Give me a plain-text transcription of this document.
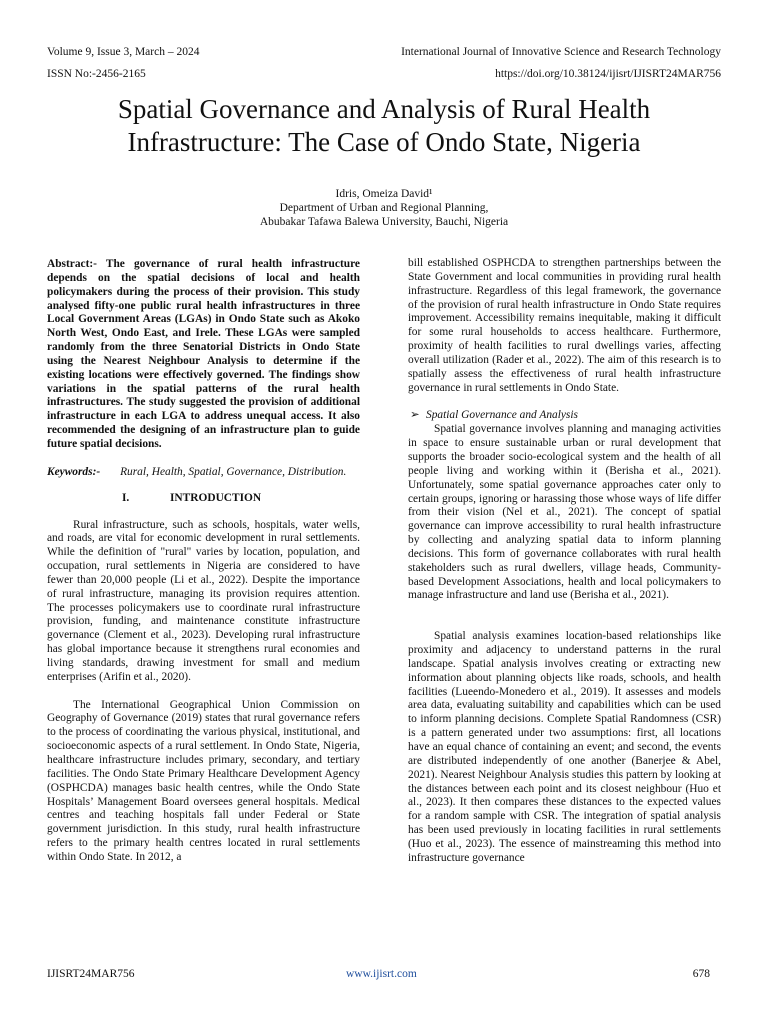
Volume 9, Issue 3, March – 2024	International Journal of Innovative Science and Research Technology
ISSN No:-2456-2165	https://doi.org/10.38124/ijisrt/IJISRT24MAR756
Spatial Governance and Analysis of Rural Health
Infrastructure: The Case of Ondo State, Nigeria
Idris, Omeiza David¹
Department of Urban and Regional Planning,
Abubakar Tafawa Balewa University, Bauchi, Nigeria

Abstract:- The governance of rural health infrastructure depends on the spatial decisions of local and health policymakers during the process of their provision. This study analysed fifty-one public rural health infrastructures in three Local Government Areas (LGAs) in Ondo State such as Akoko North West, Ondo East, and Irele. These LGAs were sampled randomly from the three Senatorial Districts in Ondo State using the Nearest Neighbour Analysis to determine if the existing locations were effectively governed. The findings show variations in the spatial patterns of the rural health infrastructures. The study suggested the provision of additional infrastructure in each LGA to address unequal access. It also recommended the designing of an infrastructure plan to guide future spatial decisions.

Keywords:- Rural, Health, Spatial, Governance, Distribution.

I.	INTRODUCTION

Rural infrastructure, such as schools, hospitals, water wells, and roads, are vital for economic development in rural settlements. While the definition of "rural" varies by location, population, and occupation, rural settlements in Nigeria are considered to have fewer than 20,000 people (Li et al., 2022). Despite the importance of rural infrastructure, managing its provision requires attention. The processes policymakers use to coordinate rural infrastructure provision, funding, and maintenance constitute infrastructure governance (Clement et al., 2023). Developing rural infrastructure has global importance because it strengthens rural economies and living standards, drawing investment for small and medium enterprises (Arifin et al., 2020).

The International Geographical Union Commission on Geography of Governance (2019) states that rural governance refers to the process of coordinating the various physical, institutional, and socioeconomic aspects of a rural settlement. In Ondo State, Nigeria, healthcare infrastructure includes primary, secondary, and tertiary facilities. The Ondo State Primary Healthcare Development Agency (OSPHCDA) manages basic health centres, while the Ondo State Hospitals’ Management Board oversees general hospitals. Medical centres and teaching hospitals fall under Federal or State government jurisdiction. In this study, rural health infrastructure refers to the primary health centres located in rural settlements within Ondo State. In 2012, a

bill established OSPHCDA to strengthen partnerships between the State Government and local communities in providing rural health infrastructure. Regardless of this legal framework, the governance of the provision of rural health infrastructure in Ondo State requires improvement. Accessibility remains inequitable, making it difficult for some rural households to access healthcare. Furthermore, proximity of health facilities to rural dwellings varies, affecting overall utilization (Rader et al., 2022). The aim of this research is to spatially assess the effectiveness of rural health infrastructure governance in rural settlements in Ondo State.

➢ Spatial Governance and Analysis

Spatial governance involves planning and managing activities in space to ensure sustainable urban or rural development that supports the broader socio-ecological system and the health of all people living and working within it (Berisha et al., 2021). Unfortunately, some spatial governance approaches cater only to certain groups, ignoring or harassing those whose ways of life differ from their vision (Nel et al., 2021). The concept of spatial governance can improve accessibility to rural health infrastructure by collecting and analyzing spatial data to inform planning decisions. This form of governance collaborates with rural health stakeholders such as rural dwellers, village heads, Community-based Development Associations, health and local policymakers to manage infrastructure and land use (Berisha et al., 2021).

Spatial analysis examines location-based relationships like proximity and adjacency to understand patterns in the rural landscape. Spatial analysis involves creating or extracting new information about planning objects like roads, schools, and health facilities (Lueendo-Monedero et al., 2019). It assesses and models area data, evaluating suitability and capabilities which can be used to inform planning decisions. Complete Spatial Randomness (CSR) is a pattern generated under two assumptions: first, all locations have an equal chance of containing an event; and second, the events are distributed independently of one another (Banerjee & Abel, 2021). Nearest Neighbour Analysis studies this pattern by looking at the distances between each point and its closest neighbour (Huo et al., 2023). It then compares these distances to the expected values for a random sample with CSR. The integration of spatial analysis has been used previously in locating facilities in rural settlements (Huo et al., 2023). The essence of mainstreaming this method into infrastructure governance

IJISRT24MAR756	www.ijisrt.com	678
